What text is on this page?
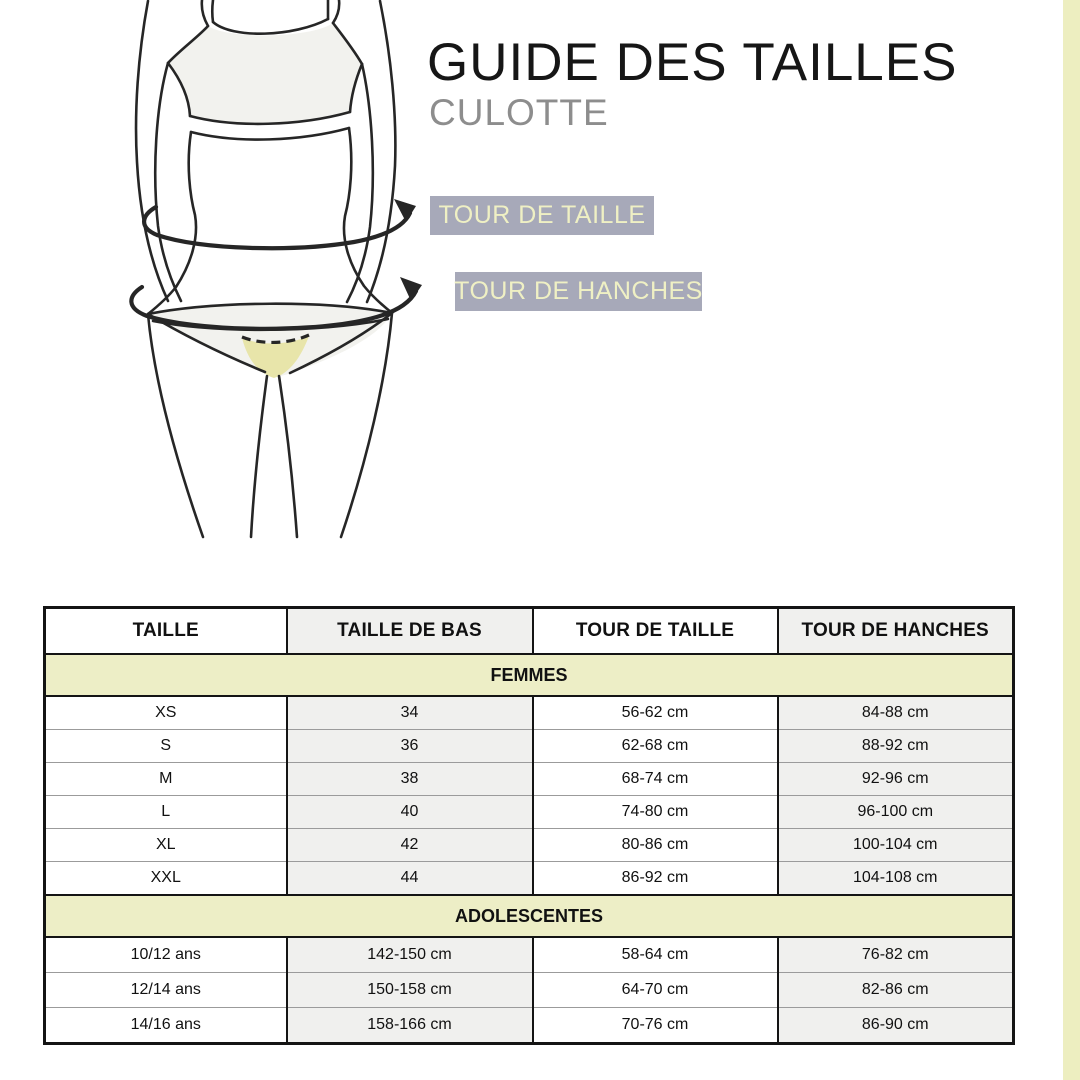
GUIDE DES TAILLES
CULOTTE
TOUR DE TAILLE
TOUR DE HANCHES
TAILLE	TAILLE DE BAS	TOUR DE TAILLE	TOUR DE HANCHES
FEMMES			
XS	34	56-62 cm	84-88 cm
S	36	62-68 cm	88-92 cm
M	38	68-74 cm	92-96 cm
L	40	74-80 cm	96-100 cm
XL	42	80-86 cm	100-104 cm
XXL	44	86-92 cm	104-108 cm
ADOLESCENTES			
10/12 ans	142-150 cm	58-64 cm	76-82 cm
12/14 ans	150-158 cm	64-70 cm	82-86 cm
14/16 ans	158-166 cm	70-76 cm	86-90 cm
